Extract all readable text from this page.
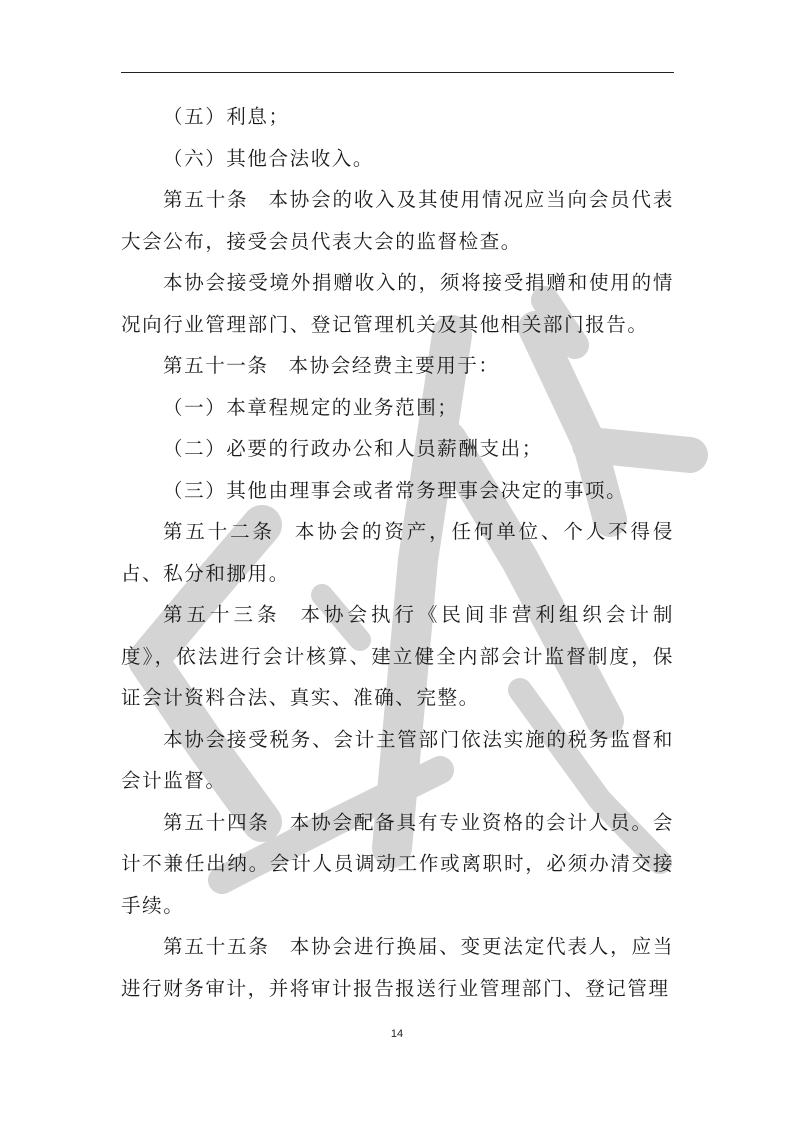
（五）利息；

（六）其他合法收入。

第五十条 本协会的收入及其使用情况应当向会员代表大会公布，接受会员代表大会的监督检查。

本协会接受境外捐赠收入的，须将接受捐赠和使用的情况向行业管理部门、登记管理机关及其他相关部门报告。

第五十一条 本协会经费主要用于：

（一）本章程规定的业务范围；

（二）必要的行政办公和人员薪酬支出；

（三）其他由理事会或者常务理事会决定的事项。

第五十二条 本协会的资产，任何单位、个人不得侵占、私分和挪用。

第五十三条 本协会执行《民间非营利组织会计制度》，依法进行会计核算、建立健全内部会计监督制度，保证会计资料合法、真实、准确、完整。

本协会接受税务、会计主管部门依法实施的税务监督和会计监督。

第五十四条 本协会配备具有专业资格的会计人员。会计不兼任出纳。会计人员调动工作或离职时，必须办清交接手续。

第五十五条 本协会进行换届、变更法定代表人，应当进行财务审计，并将审计报告报送行业管理部门、登记管理

14
